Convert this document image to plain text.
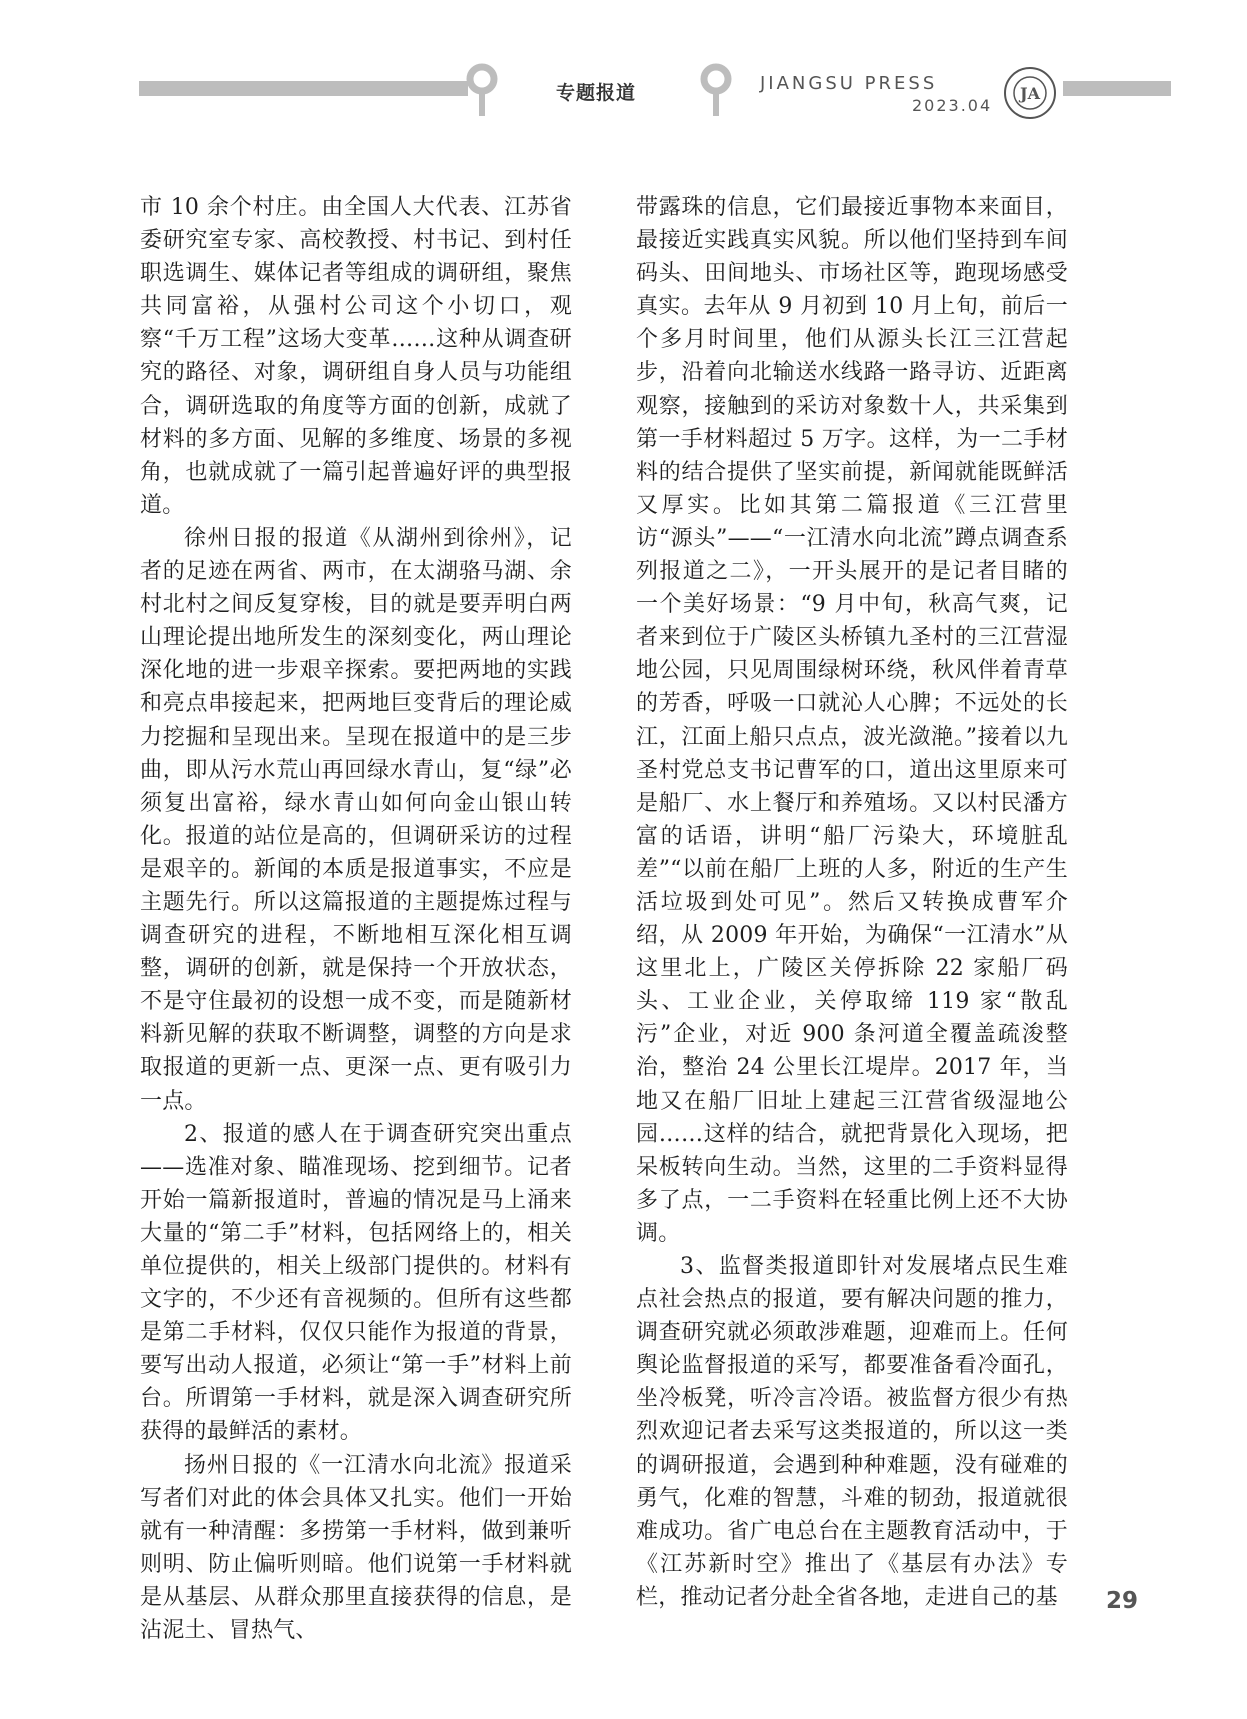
专题报道	JIANGSU PRESS
2023.04
JA

市 10 余个村庄。由全国人大代表、江苏省委研究室专家、高校教授、村书记、到村任职选调生、媒体记者等组成的调研组，聚焦共同富裕，从强村公司这个小切口，观察“千万工程”这场大变革……这种从调查研究的路径、对象，调研组自身人员与功能组合，调研选取的角度等方面的创新，成就了材料的多方面、见解的多维度、场景的多视角，也就成就了一篇引起普遍好评的典型报道。

徐州日报的报道《从湖州到徐州》，记者的足迹在两省、两市，在太湖骆马湖、余村北村之间反复穿梭，目的就是要弄明白两山理论提出地所发生的深刻变化，两山理论深化地的进一步艰辛探索。要把两地的实践和亮点串接起来，把两地巨变背后的理论威力挖掘和呈现出来。呈现在报道中的是三步曲，即从污水荒山再回绿水青山，复“绿”必须复出富裕，绿水青山如何向金山银山转化。报道的站位是高的，但调研采访的过程是艰辛的。新闻的本质是报道事实，不应是主题先行。所以这篇报道的主题提炼过程与调查研究的进程，不断地相互深化相互调整，调研的创新，就是保持一个开放状态，不是守住最初的设想一成不变，而是随新材料新见解的获取不断调整，调整的方向是求取报道的更新一点、更深一点、更有吸引力一点。

2、报道的感人在于调查研究突出重点——选准对象、瞄准现场、挖到细节。记者开始一篇新报道时，普遍的情况是马上涌来大量的“第二手”材料，包括网络上的，相关单位提供的，相关上级部门提供的。材料有文字的，不少还有音视频的。但所有这些都是第二手材料，仅仅只能作为报道的背景，要写出动人报道，必须让“第一手”材料上前台。所谓第一手材料，就是深入调查研究所获得的最鲜活的素材。

扬州日报的《一江清水向北流》报道采写者们对此的体会具体又扎实。他们一开始就有一种清醒：多捞第一手材料，做到兼听则明、防止偏听则暗。他们说第一手材料就是从基层、从群众那里直接获得的信息，是沾泥土、冒热气、

带露珠的信息，它们最接近事物本来面目，最接近实践真实风貌。所以他们坚持到车间码头、田间地头、市场社区等，跑现场感受真实。去年从 9 月初到 10 月上旬，前后一个多月时间里，他们从源头长江三江营起步，沿着向北输送水线路一路寻访、近距离观察，接触到的采访对象数十人，共采集到第一手材料超过 5 万字。这样，为一二手材料的结合提供了坚实前提，新闻就能既鲜活又厚实。比如其第二篇报道《三江营里访“源头”——“一江清水向北流”蹲点调查系列报道之二》，一开头展开的是记者目睹的一个美好场景：“9 月中旬，秋高气爽，记者来到位于广陵区头桥镇九圣村的三江营湿地公园，只见周围绿树环绕，秋风伴着青草的芳香，呼吸一口就沁人心脾；不远处的长江，江面上船只点点，波光潋滟。”接着以九圣村党总支书记曹军的口，道出这里原来可是船厂、水上餐厅和养殖场。又以村民潘方富的话语，讲明“船厂污染大，环境脏乱差”“以前在船厂上班的人多，附近的生产生活垃圾到处可见”。然后又转换成曹军介绍，从 2009 年开始，为确保“一江清水”从这里北上，广陵区关停拆除 22 家船厂码头、工业企业，关停取缔 119 家“散乱污”企业，对近 900 条河道全覆盖疏浚整治，整治 24 公里长江堤岸。2017 年，当地又在船厂旧址上建起三江营省级湿地公园……这样的结合，就把背景化入现场，把呆板转向生动。当然，这里的二手资料显得多了点，一二手资料在轻重比例上还不大协调。

3、监督类报道即针对发展堵点民生难点社会热点的报道，要有解决问题的推力，调查研究就必须敢涉难题，迎难而上。任何舆论监督报道的采写，都要准备看冷面孔，坐冷板凳，听冷言冷语。被监督方很少有热烈欢迎记者去采写这类报道的，所以这一类的调研报道，会遇到种种难题，没有碰难的勇气，化难的智慧，斗难的韧劲，报道就很难成功。省广电总台在主题教育活动中，于《江苏新时空》推出了《基层有办法》专栏，推动记者分赴全省各地，走进自己的基	29
